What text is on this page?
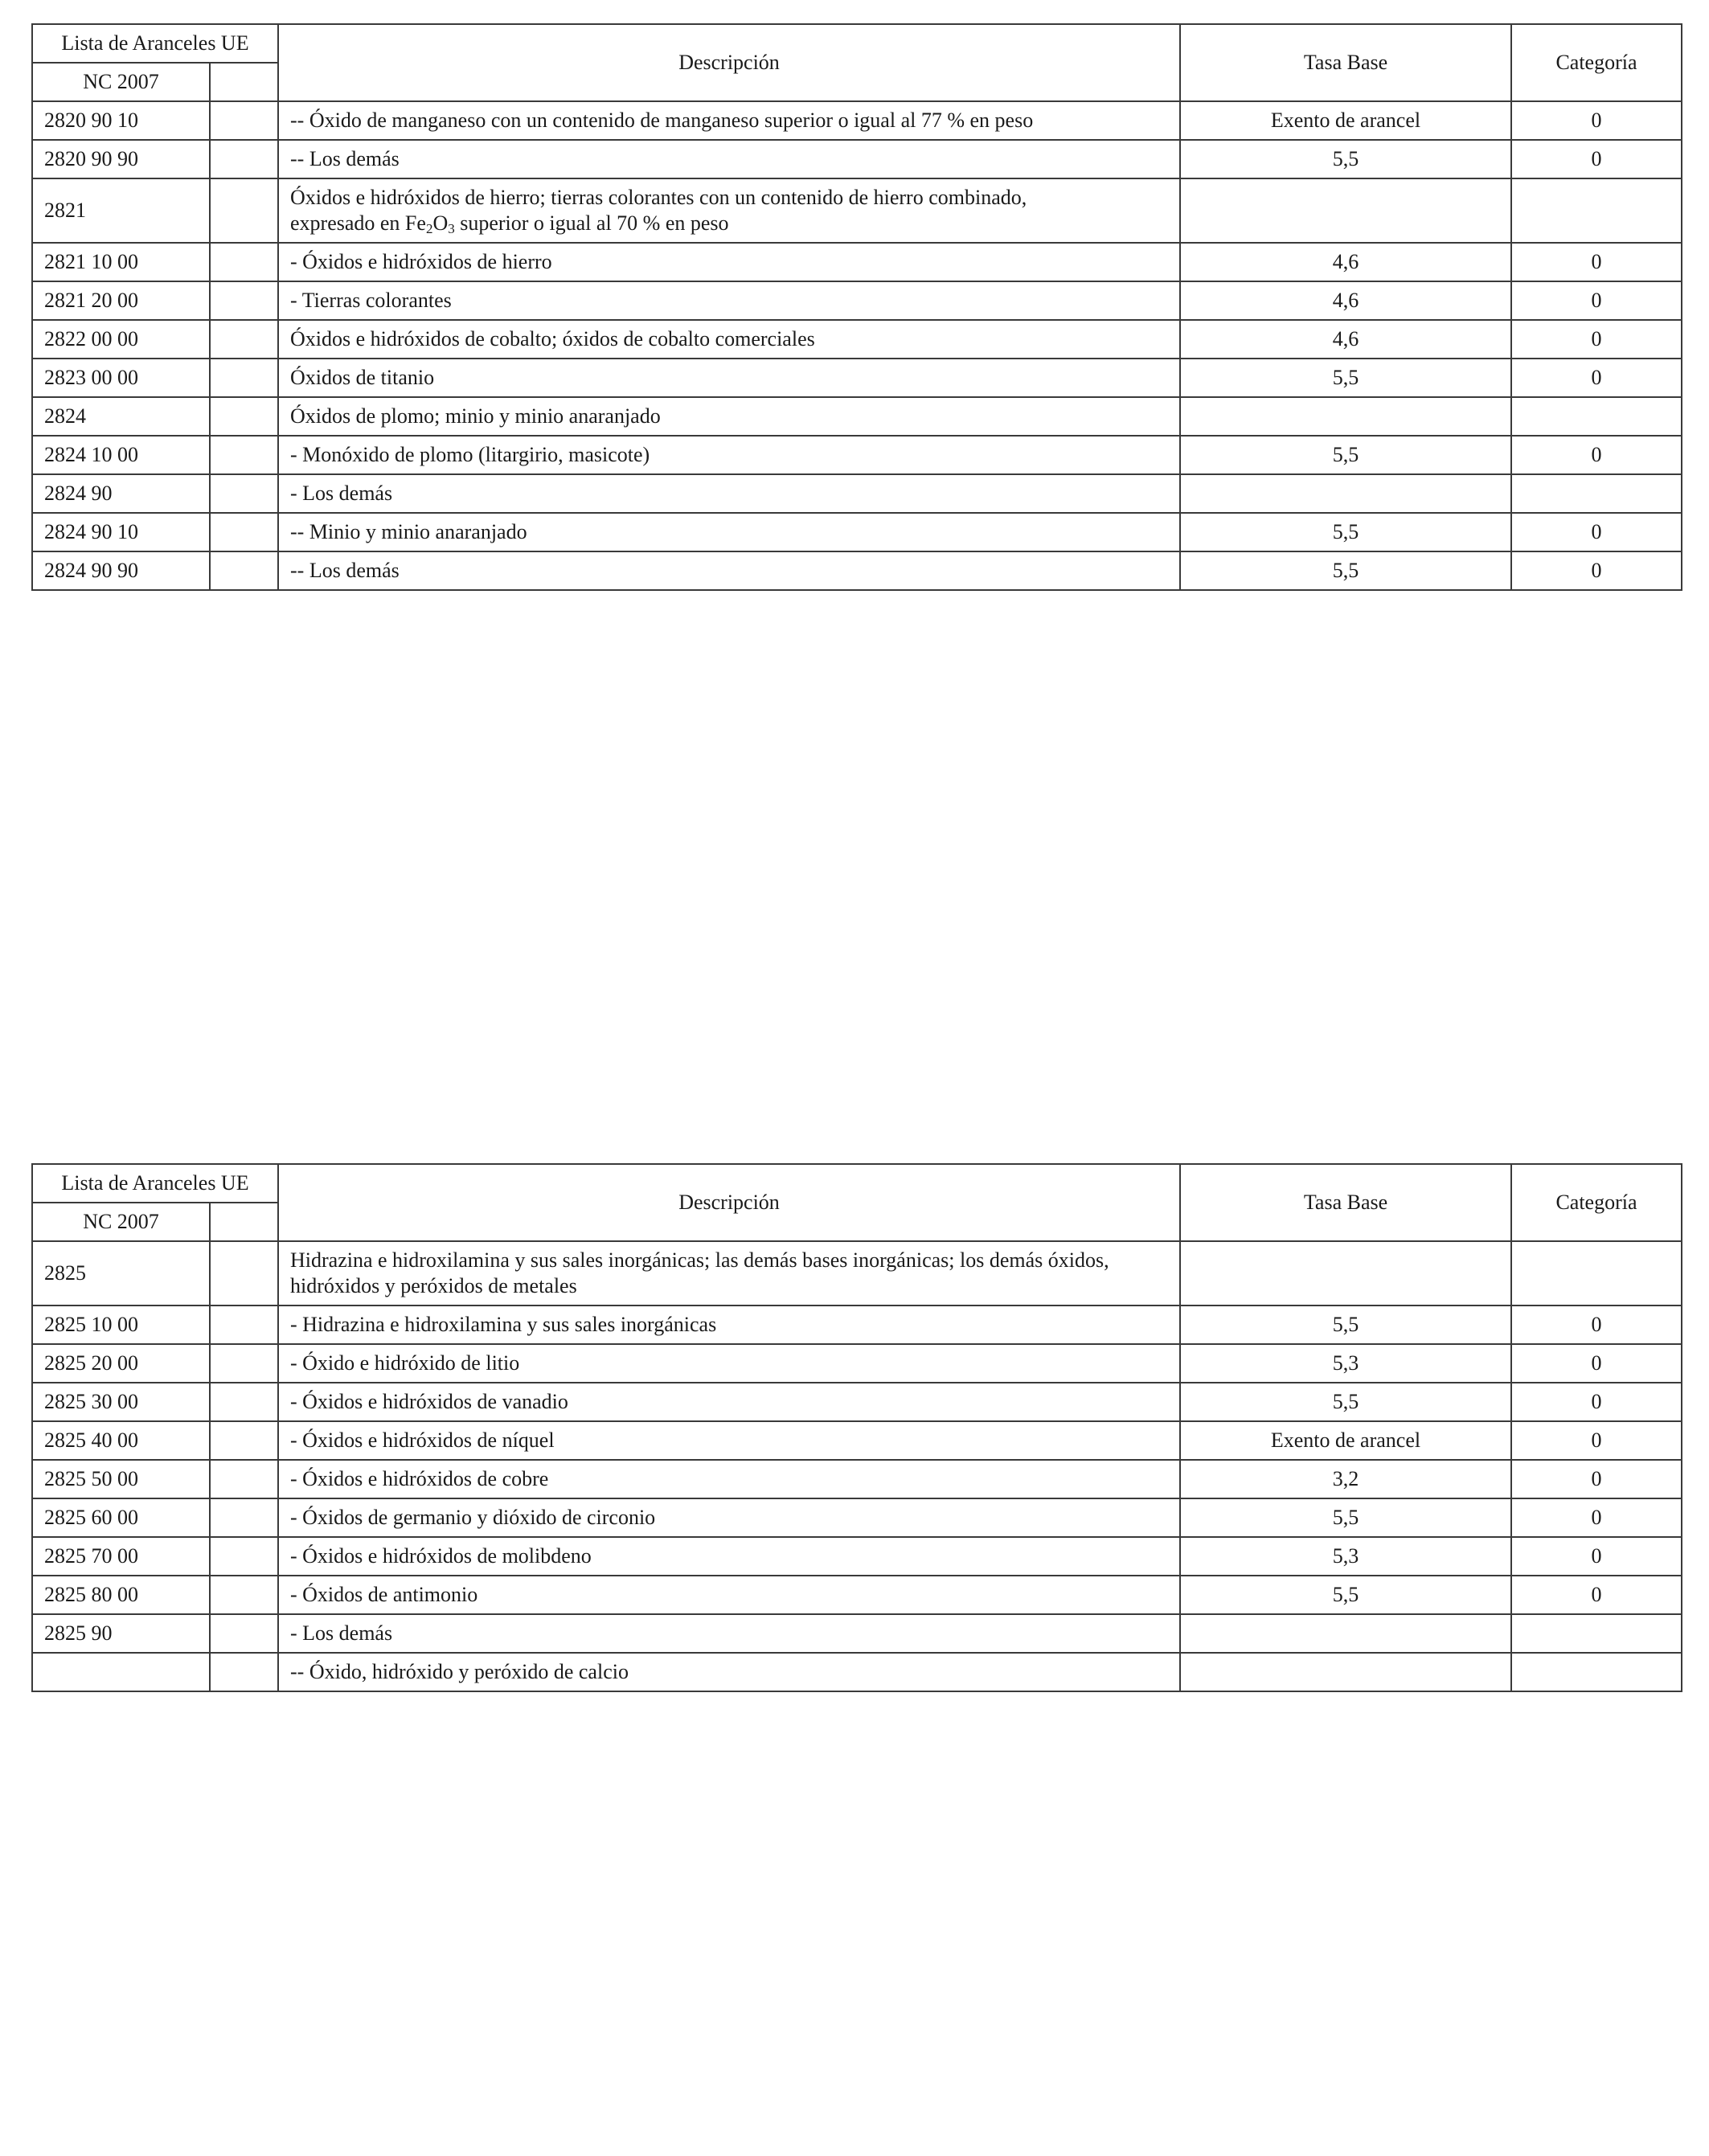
Lista de Aranceles UE		Descripción	Tasa Base	Categoría
NC 2007				
2820 90 10		-- Óxido de manganeso con un contenido de manganeso superior o igual al 77 % en peso	Exento de arancel	0
2820 90 90		-- Los demás	5,5	0
2821		Óxidos e hidróxidos de hierro; tierras colorantes con un contenido de hierro combinado,
expresado en $Fe_2O_3$ superior o igual al 70 % en peso		

2821 10 00		- Óxidos e hidróxidos de hierro	4,6	0
2821 20 00		- Tierras colorantes	4,6	0
2822 00 00		Óxidos e hidróxidos de cobalto; óxidos de cobalto comerciales	4,6	0
2823 00 00		Óxidos de titanio	5,5	0
2824		Óxidos de plomo; minio y minio anaranjado		
2824 10 00		- Monóxido de plomo (litargirio, masicote)	5,5	0
2824 90		- Los demás		
2824 90 10		-- Minio y minio anaranjado	5,5	0
2824 90 90		-- Los demás	5,5	0
Lista de Aranceles UE		Descripción	Tasa Base	Categoría
NC 2007				
2825		Hidrazina e hidroxilamina y sus sales inorgánicas; las demás bases inorgánicas; los demás óxidos,
hidróxidos y peróxidos de metales		

2825 10 00		- Hidrazina e hidroxilamina y sus sales inorgánicas	5,5	0
2825 20 00		- Óxido e hidróxido de litio	5,3	0
2825 30 00		- Óxidos e hidróxidos de vanadio	5,5	0
2825 40 00		- Óxidos e hidróxidos de níquel	Exento de arancel	0
2825 50 00		- Óxidos e hidróxidos de cobre	3,2	0
2825 60 00		- Óxidos de germanio y dióxido de circonio	5,5	0
2825 70 00		- Óxidos e hidróxidos de molibdeno	5,3	0
2825 80 00		- Óxidos de antimonio	5,5	0
2825 90		- Los demás		
		-- Óxido, hidróxido y peróxido de calcio		
